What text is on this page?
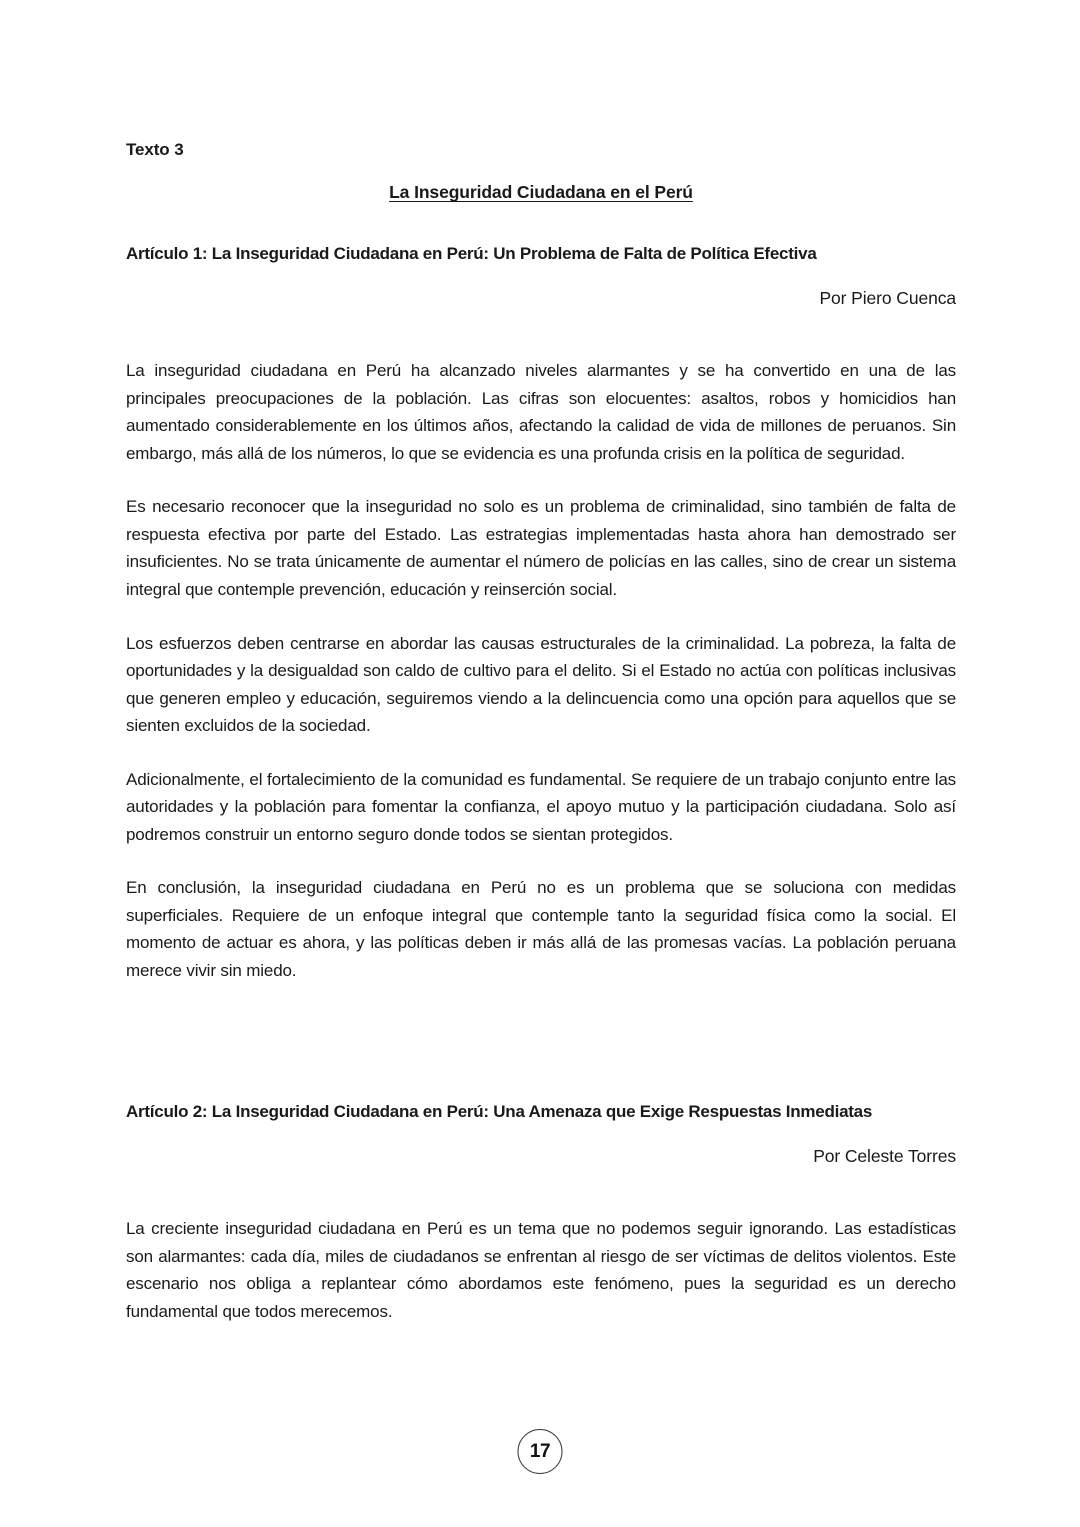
Texto 3
La Inseguridad Ciudadana en el Perú
Artículo 1: La Inseguridad Ciudadana en Perú: Un Problema de Falta de Política Efectiva
Por Piero Cuenca

La inseguridad ciudadana en Perú ha alcanzado niveles alarmantes y se ha convertido en una de las principales preocupaciones de la población. Las cifras son elocuentes: asaltos, robos y homicidios han aumentado considerablemente en los últimos años, afectando la calidad de vida de millones de peruanos. Sin embargo, más allá de los números, lo que se evidencia es una profunda crisis en la política de seguridad.

Es necesario reconocer que la inseguridad no solo es un problema de criminalidad, sino también de falta de respuesta efectiva por parte del Estado. Las estrategias implementadas hasta ahora han demostrado ser insuficientes. No se trata únicamente de aumentar el número de policías en las calles, sino de crear un sistema integral que contemple prevención, educación y reinserción social.

Los esfuerzos deben centrarse en abordar las causas estructurales de la criminalidad. La pobreza, la falta de oportunidades y la desigualdad son caldo de cultivo para el delito. Si el Estado no actúa con políticas inclusivas que generen empleo y educación, seguiremos viendo a la delincuencia como una opción para aquellos que se sienten excluidos de la sociedad.

Adicionalmente, el fortalecimiento de la comunidad es fundamental. Se requiere de un trabajo conjunto entre las autoridades y la población para fomentar la confianza, el apoyo mutuo y la participación ciudadana. Solo así podremos construir un entorno seguro donde todos se sientan protegidos.

En conclusión, la inseguridad ciudadana en Perú no es un problema que se soluciona con medidas superficiales. Requiere de un enfoque integral que contemple tanto la seguridad física como la social. El momento de actuar es ahora, y las políticas deben ir más allá de las promesas vacías. La población peruana merece vivir sin miedo.

Artículo 2: La Inseguridad Ciudadana en Perú: Una Amenaza que Exige Respuestas Inmediatas
Por Celeste Torres

La creciente inseguridad ciudadana en Perú es un tema que no podemos seguir ignorando. Las estadísticas son alarmantes: cada día, miles de ciudadanos se enfrentan al riesgo de ser víctimas de delitos violentos. Este escenario nos obliga a replantear cómo abordamos este fenómeno, pues la seguridad es un derecho fundamental que todos merecemos.

17
